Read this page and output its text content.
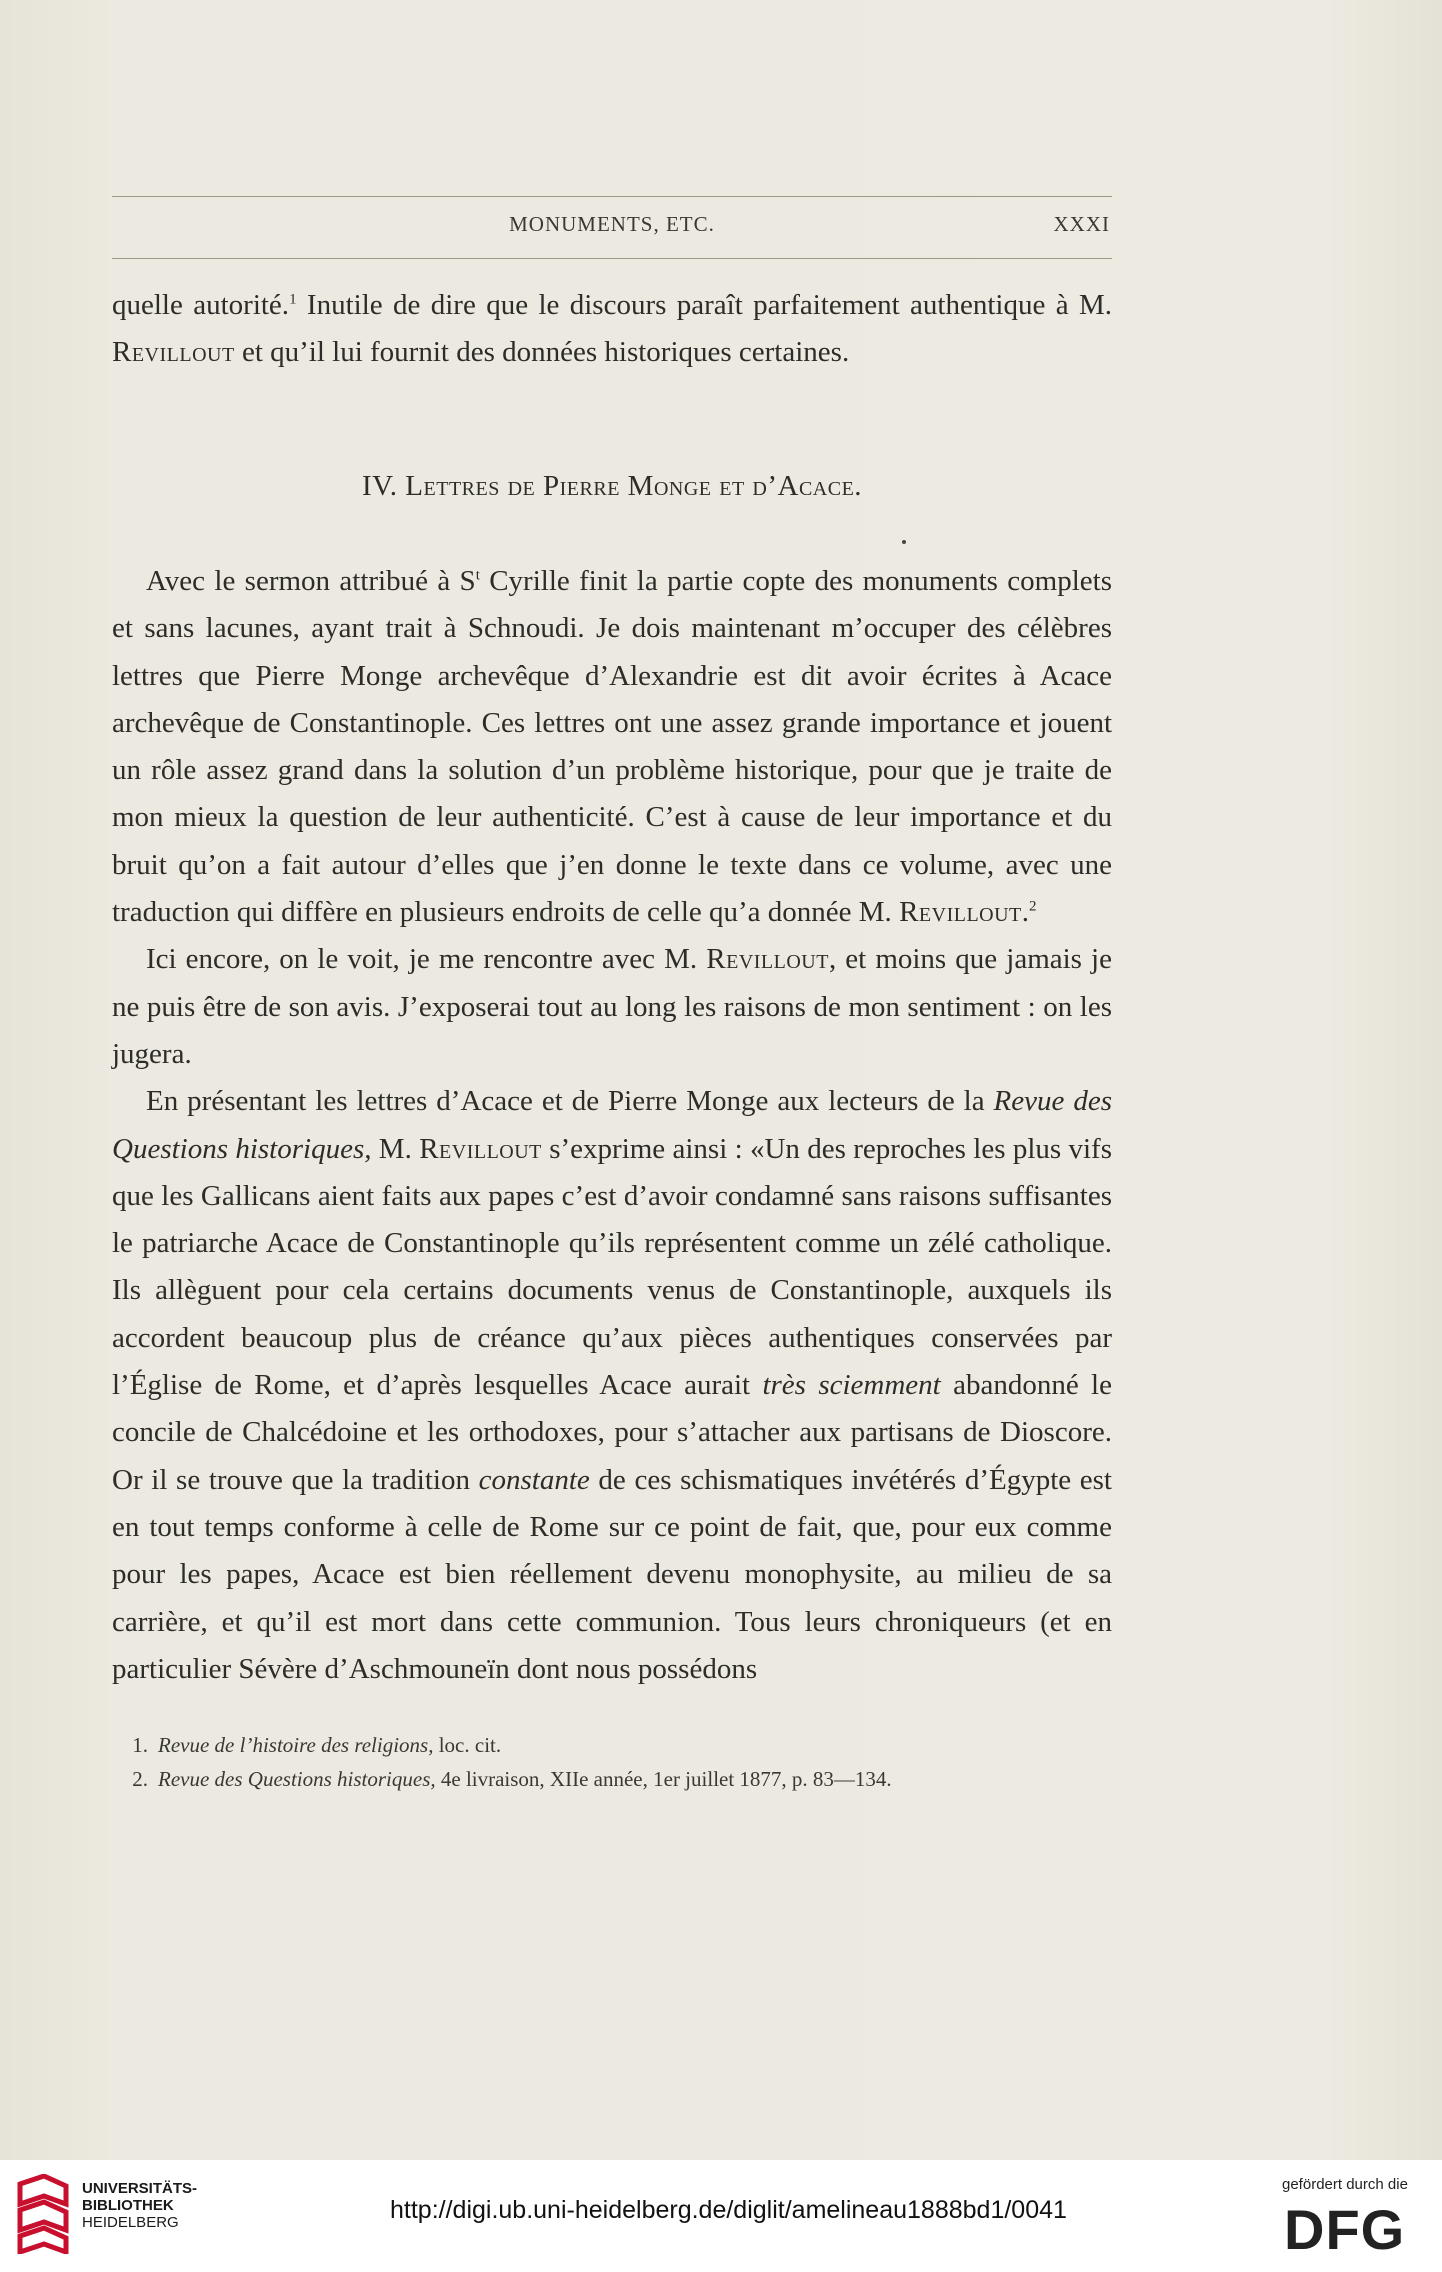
MONUMENTS, ETC.	XXXI

quelle autorité.$^1$ Inutile de dire que le discours paraît parfaitement authentique à M. Revillout et qu’il lui fournit des données historiques certaines.

IV. Lettres de Pierre Monge et d’Acace.

Avec le sermon attribué à $S^t$ Cyrille finit la partie copte des monuments complets et sans lacunes, ayant trait à Schnoudi. Je dois maintenant m’occuper des célèbres lettres que Pierre Monge archevêque d’Alexandrie est dit avoir écrites à Acace archevêque de Constantinople. Ces lettres ont une assez grande importance et jouent un rôle assez grand dans la solution d’un problème historique, pour que je traite de mon mieux la question de leur authenticité. C’est à cause de leur importance et du bruit qu’on a fait autour d’elles que j’en donne le texte dans ce volume, avec une traduction qui diffère en plusieurs endroits de celle qu’a donnée M. Revillout.$^2$

Ici encore, on le voit, je me rencontre avec M. Revillout, et moins que jamais je ne puis être de son avis. J’exposerai tout au long les raisons de mon sentiment : on les jugera.

En présentant les lettres d’Acace et de Pierre Monge aux lecteurs de la Revue des Questions historiques, M. Revillout s’exprime ainsi : «Un des reproches les plus vifs que les Gallicans aient faits aux papes c’est d’avoir condamné sans raisons suffisantes le patriarche Acace de Constantinople qu’ils représentent comme un zélé catholique. Ils allèguent pour cela certains documents venus de Constantinople, auxquels ils accordent beaucoup plus de créance qu’aux pièces authentiques conservées par l’Église de Rome, et d’après lesquelles Acace aurait très sciemment abandonné le concile de Chalcédoine et les orthodoxes, pour s’attacher aux partisans de Dioscore. Or il se trouve que la tradition constante de ces schismatiques invétérés d’Égypte est en tout temps conforme à celle de Rome sur ce point de fait, que, pour eux comme pour les papes, Acace est bien réellement devenu monophysite, au milieu de sa carrière, et qu’il est mort dans cette communion. Tous leurs chroniqueurs (et en particulier Sévère d’Aschmouneïn dont nous possédons

1. Revue de l’histoire des religions, loc. cit.
2. Revue des Questions historiques, 4e livraison, XIIe année, 1er juillet 1877, p. 83—134.
UNIVERSITÄTS-
BIBLIOTHEK
HEIDELBERG	http://digi.ub.uni-heidelberg.de/diglit/amelineau1888bd1/0041
gefördert durch die
DFG
